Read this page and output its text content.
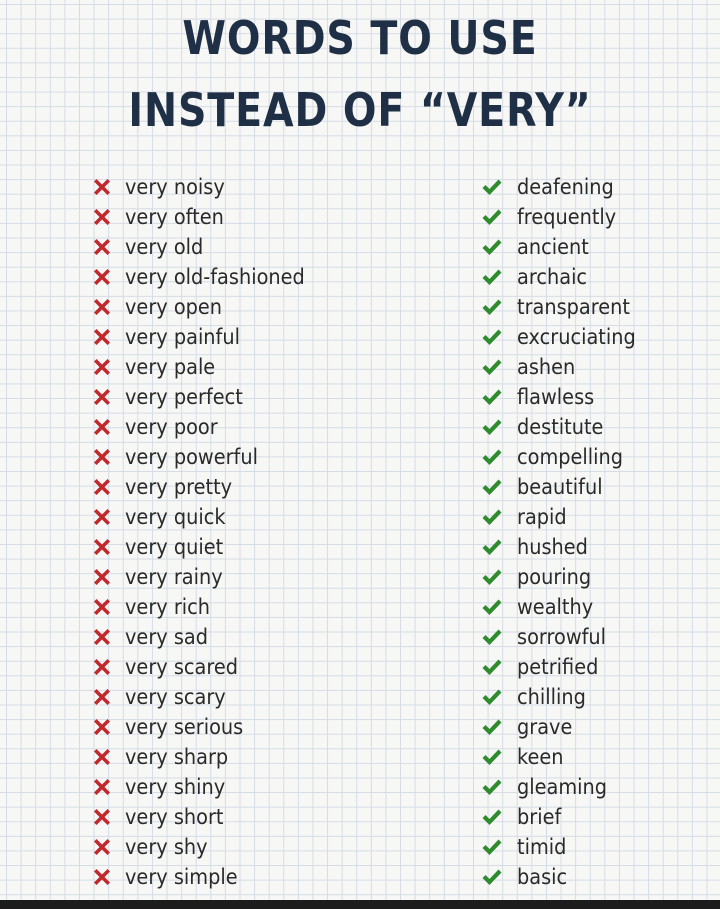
WORDS TO USE
INSTEAD OF “VERY”
very noisy
very often
very old
very old-fashioned
very open
very painful
very pale
very perfect
very poor
very powerful
very pretty
very quick
very quiet
very rainy
very rich
very sad
very scared
very scary
very serious
very sharp
very shiny
very short
very shy
very simple
deafening
frequently
ancient
archaic
transparent
excruciating
ashen
flawless
destitute
compelling
beautiful
rapid
hushed
pouring
wealthy
sorrowful
petrified
chilling
grave
keen
gleaming
brief
timid
basic
